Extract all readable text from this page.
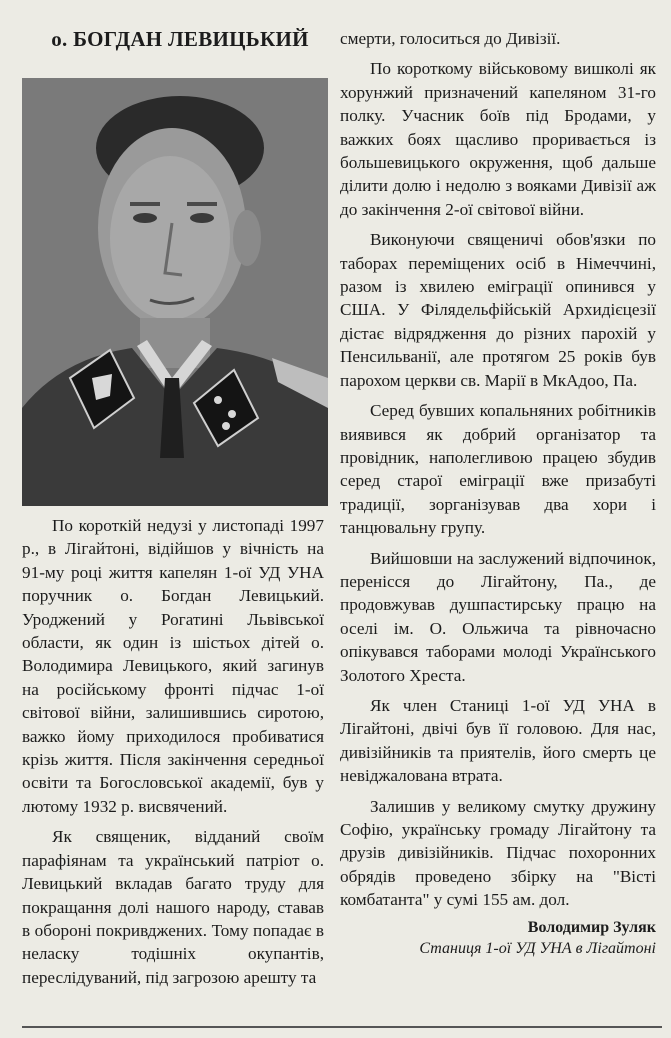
о. БОГДАН ЛЕВИЦЬКИЙ

По короткій недузі у листопаді 1997 р., в Лігайтоні, відійшов у вічність на 91-му році життя капелян 1-ої УД УНА поручник о. Богдан Левицький. Уроджений у Рогатині Львівської области, як один із шістьох дітей о. Володимира Левицького, який загинув на російському фронті підчас 1-ої світової війни, залишившись сиротою, важко йому приходилося пробиватися крізь життя. Після закінчення середньої освіти та Богословської академії, був у лютому 1932 р. висвячений.

Як священик, відданий своїм парафіянам та український патріот о. Левицький вкладав багато труду для покращання долі нашого народу, ставав в обороні покривджених. Тому попадає в неласку тодішніх окупантів, переслідуваний, під загрозою арешту та

смерти, голоситься до Дивізії.

По короткому військовому вишколі як хорунжий призначений капеляном 31-го полку. Учасник боїв під Бродами, у важких боях щасливо проривається із большевицького окруження, щоб дальше ділити долю і недолю з вояками Дивізії аж до закінчення 2-ої світової війни.

Виконуючи священичі обов'язки по таборах переміщених осіб в Німеччині, разом із хвилею еміграції опинився у США. У Філядельфійській Архидієцезії дістає відрядження до різних парохій у Пенсильванії, але протягом 25 років був парохом церкви св. Марії в МкАдоо, Па.

Серед бувших копальняних робітників виявився як добрий організатор та провідник, наполегливою працею збудив серед старої еміграції вже призабуті традиції, зорганізував два хори і танцювальну групу.

Вийшовши на заслужений відпочинок, перенісся до Лігайтону, Па., де продовжував душпастирську працю на оселі ім. О. Ольжича та рівночасно опікувався таборами молоді Українського Золотого Хреста.

Як член Станиці 1-ої УД УНА в Лігайтоні, двічі був її головою. Для нас, дивізійників та приятелів, його смерть це невіджалована втрата.

Залишив у великому смутку дружину Софію, українську громаду Лігайтону та друзів дивізійників. Підчас похоронних обрядів проведено збірку на "Вісті комбатанта" у сумі 155 ам. дол.

Володимир Зуляк
Станиця 1-ої УД УНА в Лігайтоні
